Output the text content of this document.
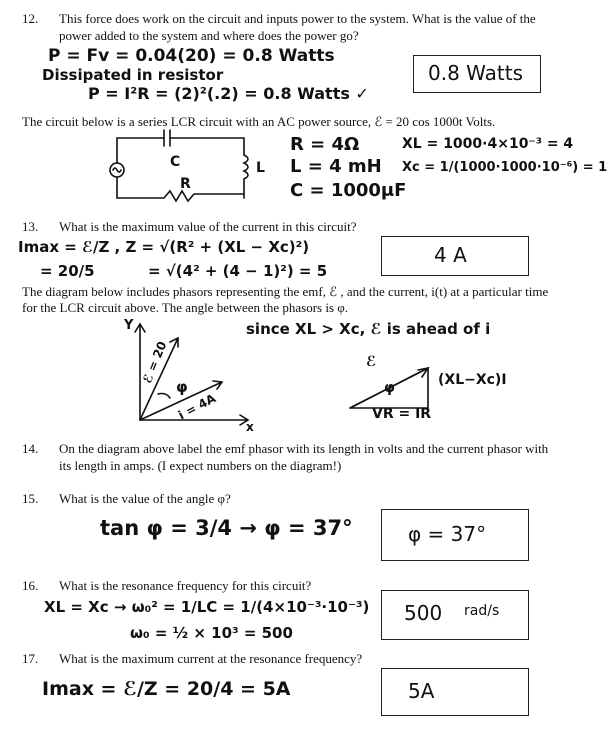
12. This force does work on the circuit and inputs power to the system. What is the value of the power added to the system and where does the power go?
P = Fv = 0.04(20) = 0.8 Watts
Dissipated in resistor
P = I²R = (2)²(.2) = 0.8 Watts ✓
0.8 Watts
The circuit below is a series LCR circuit with an AC power source, ℰ = 20 cos 1000t Volts.
C	L
R
R = 4Ω
L = 4 mH
C = 1000μF
XL = 1000·4×10⁻³ = 4
Xc = 1/(1000·1000·10⁻⁶) = 1
13. What is the maximum value of the current in this circuit?
Imax = ℰ/Z , Z = √(R² + (XL − Xc)²)
= 20/5	= √(4² + (4 − 1)²) = 5
4 A
The diagram below includes phasors representing the emf, ℰ , and the current, i(t) at a particular time for the LCR circuit above. The angle between the phasors is φ.
Y
x
ℰ = 20
i = 4A
φ
since XL > Xc, ℰ is ahead of i
ℰ
φ	(XL−Xc)I
VR = IR
14. On the diagram above label the emf phasor with its length in volts and the current phasor with its length in amps. (I expect numbers on the diagram!)
15. What is the value of the angle φ?
tan φ = 3/4 → φ = 37°	φ = 37°
16. What is the resonance frequency for this circuit?
XL = Xc → ω₀² = 1/LC = 1/(4×10⁻³·10⁻³)
ω₀ = ½ × 10³ = 500
500 rad/s
17. What is the maximum current at the resonance frequency?
Imax = ℰ/Z = 20/4 = 5A	5A
